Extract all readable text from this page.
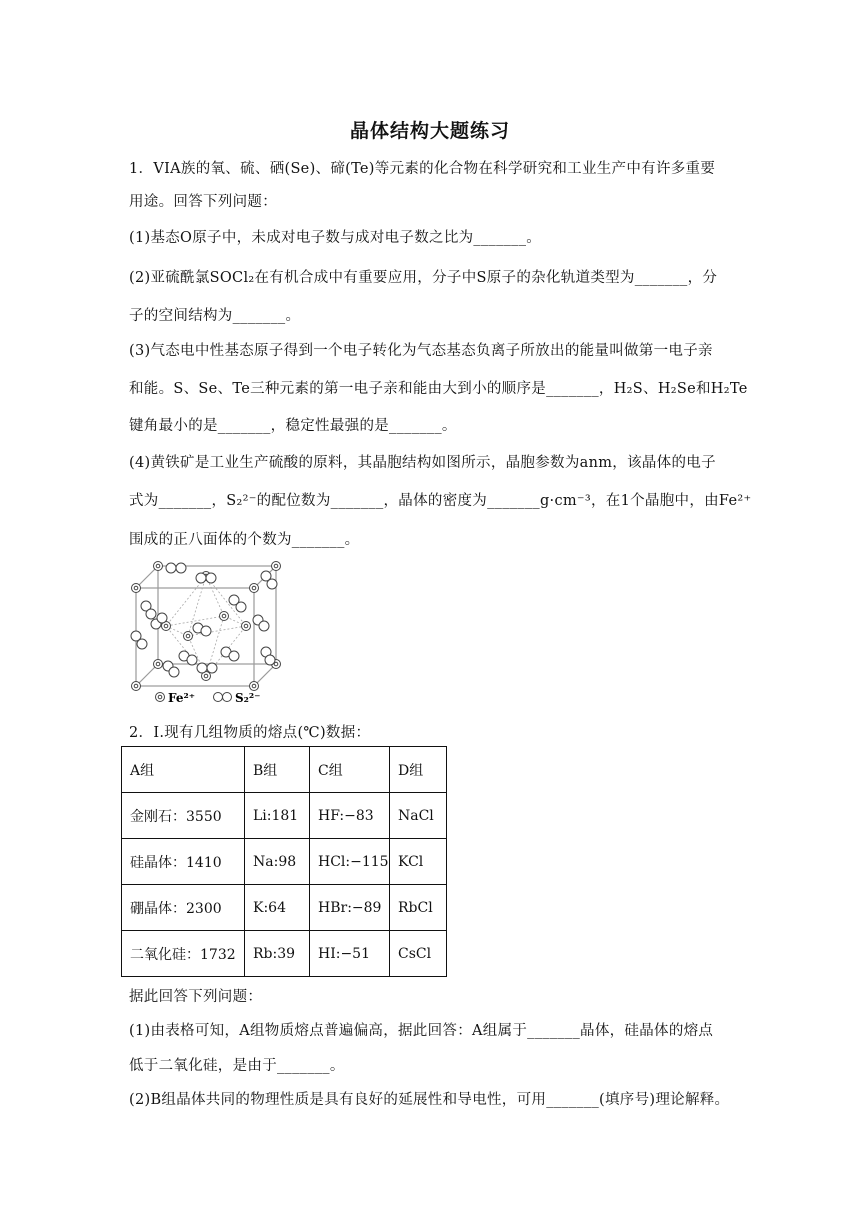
晶体结构大题练习
1．VIA族的氧、硫、硒(Se)、碲(Te)等元素的化合物在科学研究和工业生产中有许多重要
用途。回答下列问题：
(1)基态O原子中，未成对电子数与成对电子数之比为_______。
(2)亚硫酰氯SOCl₂在有机合成中有重要应用，分子中S原子的杂化轨道类型为_______，分
子的空间结构为_______。
(3)气态电中性基态原子得到一个电子转化为气态基态负离子所放出的能量叫做第一电子亲
和能。S、Se、Te三种元素的第一电子亲和能由大到小的顺序是_______，H₂S、H₂Se和H₂Te
键角最小的是_______，稳定性最强的是_______。
(4)黄铁矿是工业生产硫酸的原料，其晶胞结构如图所示，晶胞参数为anm，该晶体的电子
式为_______，S₂²⁻的配位数为_______，晶体的密度为_______g·cm⁻³，在1个晶胞中，由Fe²⁺
围成的正八面体的个数为_______。
Fe²⁺	S₂²⁻
2．Ⅰ.现有几组物质的熔点(℃)数据：
A组	B组	C组	D组
金刚石：3550	Li:181	HF:−83	NaCl
硅晶体：1410	Na:98	HCl:−115	KCl
硼晶体：2300	K:64	HBr:−89	RbCl
二氧化硅：1732	Rb:39	HI:−51	CsCl
据此回答下列问题：
(1)由表格可知，A组物质熔点普遍偏高，据此回答：A组属于_______晶体，硅晶体的熔点
低于二氧化硅，是由于_______。
(2)B组晶体共同的物理性质是具有良好的延展性和导电性，可用_______(填序号)理论解释。
